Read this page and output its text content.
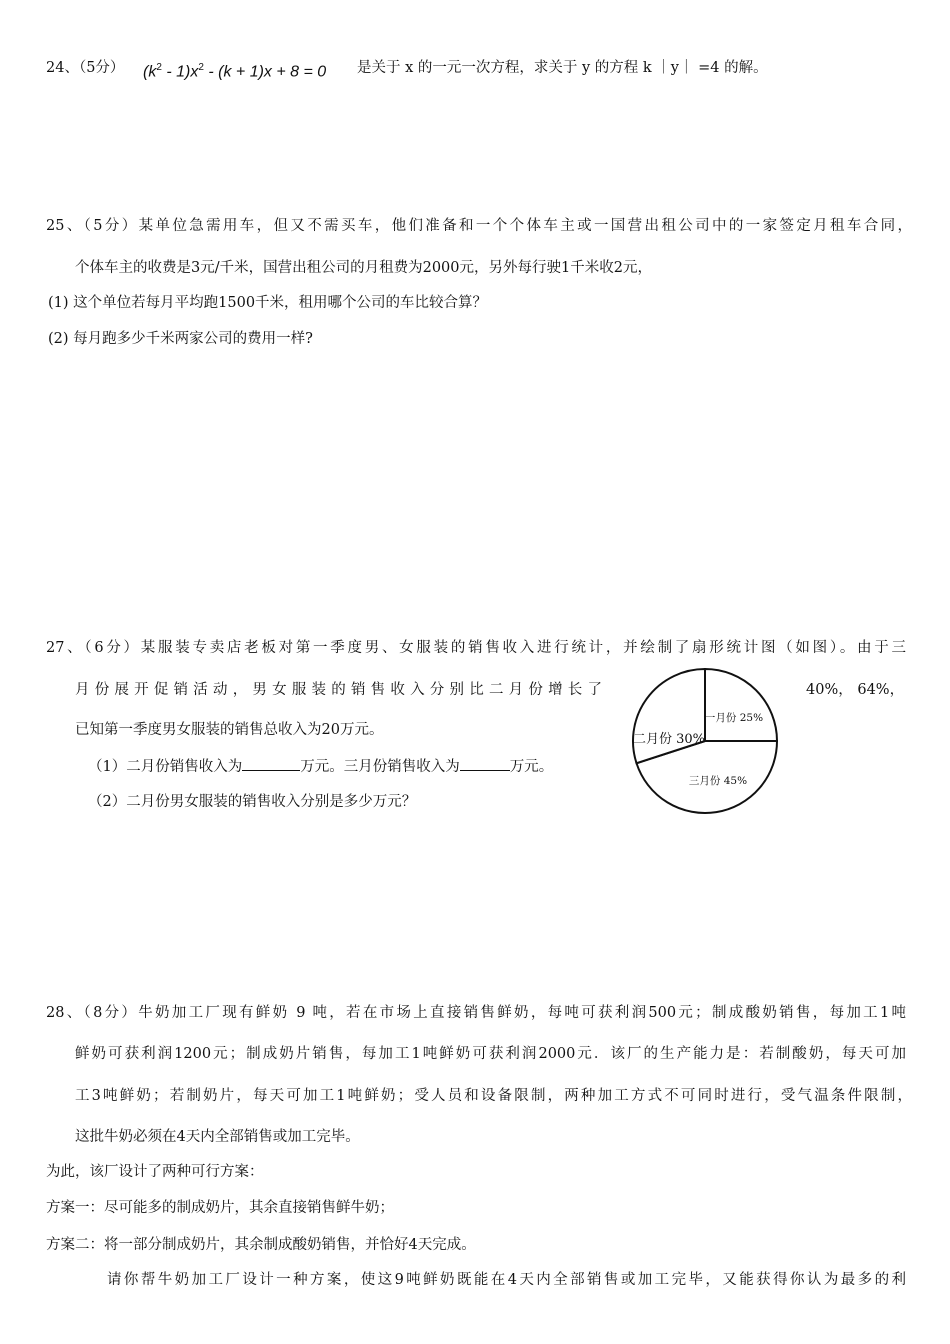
24、（5分） $(k^2 - 1)x^2 - (k + 1)x + 8 = 0$ 是关于 x 的一元一次方程，求关于 y 的方程 k ｜y｜ =4 的解。
25、（5分）某单位急需用车，但又不需买车，他们准备和一个个体车主或一国营出租公司中的一家签定月租车合同，
个体车主的收费是3元/千米，国营出租公司的月租费为2000元，另外每行驶1千米收2元，
(1) 这个单位若每月平均跑1500千米，租用哪个公司的车比较合算？
(2) 每月跑多少千米两家公司的费用一样?
27、（6分）某服装专卖店老板对第一季度男、女服装的销售收入进行统计，并绘制了扇形统计图（如图）。由于三
月份展开促销活动，男女服装的销售收入分别比二月份增长了	40%， 64%，
已知第一季度男女服装的销售总收入为20万元。
（1）二月份销售收入为	万元。三月份销售收入为	万元。
（2）二月份男女服装的销售收入分别是多少万元？
一月份 25%
三月份 45%
二月份 30%
28、（8分）牛奶加工厂现有鲜奶 9 吨，若在市场上直接销售鲜奶，每吨可获利润500元；制成酸奶销售，每加工1吨
鲜奶可获利润1200元；制成奶片销售，每加工1吨鲜奶可获利润2000元．该厂的生产能力是：若制酸奶，每天可加
工3吨鲜奶；若制奶片，每天可加工1吨鲜奶；受人员和设备限制，两种加工方式不可同时进行，受气温条件限制，
这批牛奶必须在4天内全部销售或加工完毕。
为此，该厂设计了两种可行方案：
方案一：尽可能多的制成奶片，其余直接销售鲜牛奶；
方案二：将一部分制成奶片，其余制成酸奶销售，并恰好4天完成。
请你帮牛奶加工厂设计一种方案，使这9吨鲜奶既能在4天内全部销售或加工完毕，又能获得你认为最多的利
